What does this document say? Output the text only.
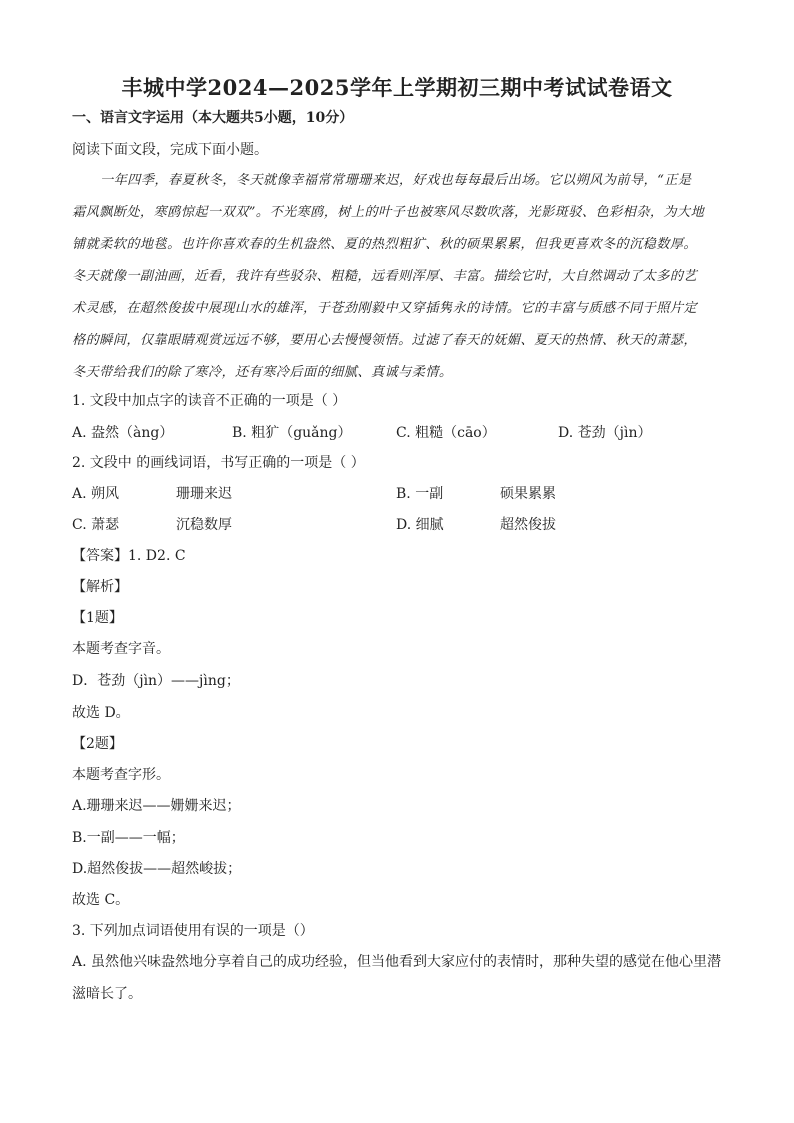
丰城中学2024—2025学年上学期初三期中考试试卷语文
一、语言文字运用（本大题共5小题，10分）
阅读下面文段，完成下面小题。
一年四季，春夏秋冬，冬天就像幸福常常珊珊来迟，好戏也每每最后出场。它以朔风为前导，“正是
霜风飘断处，寒鸥惊起一双双”。不光寒鸥，树上的叶子也被寒风尽数吹落，光影斑驳、色彩相杂，为大地
铺就柔软的地毯。也许你喜欢春的生机盎然、夏的热烈粗犷、秋的硕果累累，但我更喜欢冬的沉稳数厚。
冬天就像一副油画，近看，我许有些驳杂、粗糙，远看则浑厚、丰富。描绘它时，大自然调动了太多的艺
术灵感，在超然俊拔中展现山水的雄浑，于苍劲刚毅中又穿插隽永的诗情。它的丰富与质感不同于照片定
格的瞬间，仅靠眼睛观赏远远不够，要用心去慢慢领悟。过滤了春天的妩媚、夏天的热情、秋天的萧瑟，
冬天带给我们的除了寒冷，还有寒冷后面的细腻、真诚与柔情。
1. 文段中加点字的读音不正确的一项是（ ）
A. 盎然（àng）	B. 粗犷（guǎng）	C. 粗糙（cāo）	D. 苍劲（jìn）
2. 文段中 的画线词语，书写正确的一项是（ ）
A. 朔风	珊珊来迟	B. 一副	硕果累累
C. 萧瑟	沉稳数厚	D. 细腻	超然俊拔
【答案】1. D2. C
【解析】
【1题】
本题考查字音。
D．苍劲（jìn）——jìng；
故选 D。
【2题】
本题考查字形。
A.珊珊来迟——姗姗来迟；
B.一副——一幅；
D.超然俊拔——超然峻拔；
故选 C。
3. 下列加点词语使用有误的一项是（）
A. 虽然他兴味盎然地分享着自己的成功经验，但当他看到大家应付的表情时，那种失望的感觉在他心里潜
滋暗长了。
